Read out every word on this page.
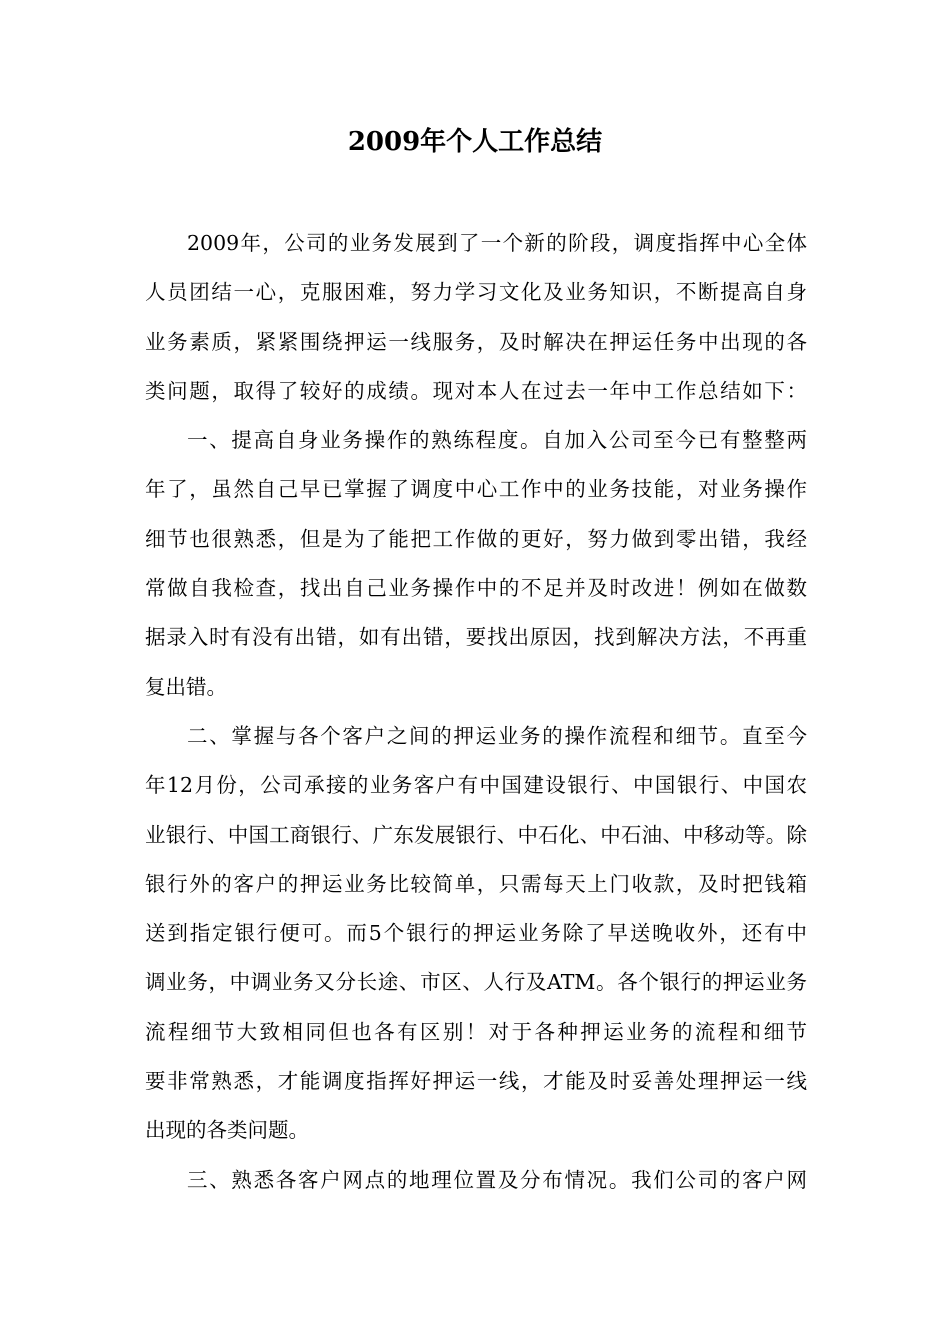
2009年个人工作总结
2009年，公司的业务发展到了一个新的阶段，调度指挥中心全体
人员团结一心，克服困难，努力学习文化及业务知识，不断提高自身
业务素质，紧紧围绕押运一线服务，及时解决在押运任务中出现的各
类问题，取得了较好的成绩。现对本人在过去一年中工作总结如下：
一、提高自身业务操作的熟练程度。自加入公司至今已有整整两
年了，虽然自己早已掌握了调度中心工作中的业务技能，对业务操作
细节也很熟悉，但是为了能把工作做的更好，努力做到零出错，我经
常做自我检查，找出自己业务操作中的不足并及时改进！例如在做数
据录入时有没有出错，如有出错，要找出原因，找到解决方法，不再重
复出错。
二、掌握与各个客户之间的押运业务的操作流程和细节。直至今
年12月份，公司承接的业务客户有中国建设银行、中国银行、中国农
业银行、中国工商银行、广东发展银行、中石化、中石油、中移动等。除
银行外的客户的押运业务比较简单，只需每天上门收款，及时把钱箱
送到指定银行便可。而5个银行的押运业务除了早送晚收外，还有中
调业务，中调业务又分长途、市区、人行及ATM。各个银行的押运业务
流程细节大致相同但也各有区别！对于各种押运业务的流程和细节
要非常熟悉，才能调度指挥好押运一线，才能及时妥善处理押运一线
出现的各类问题。
三、熟悉各客户网点的地理位置及分布情况。我们公司的客户网
